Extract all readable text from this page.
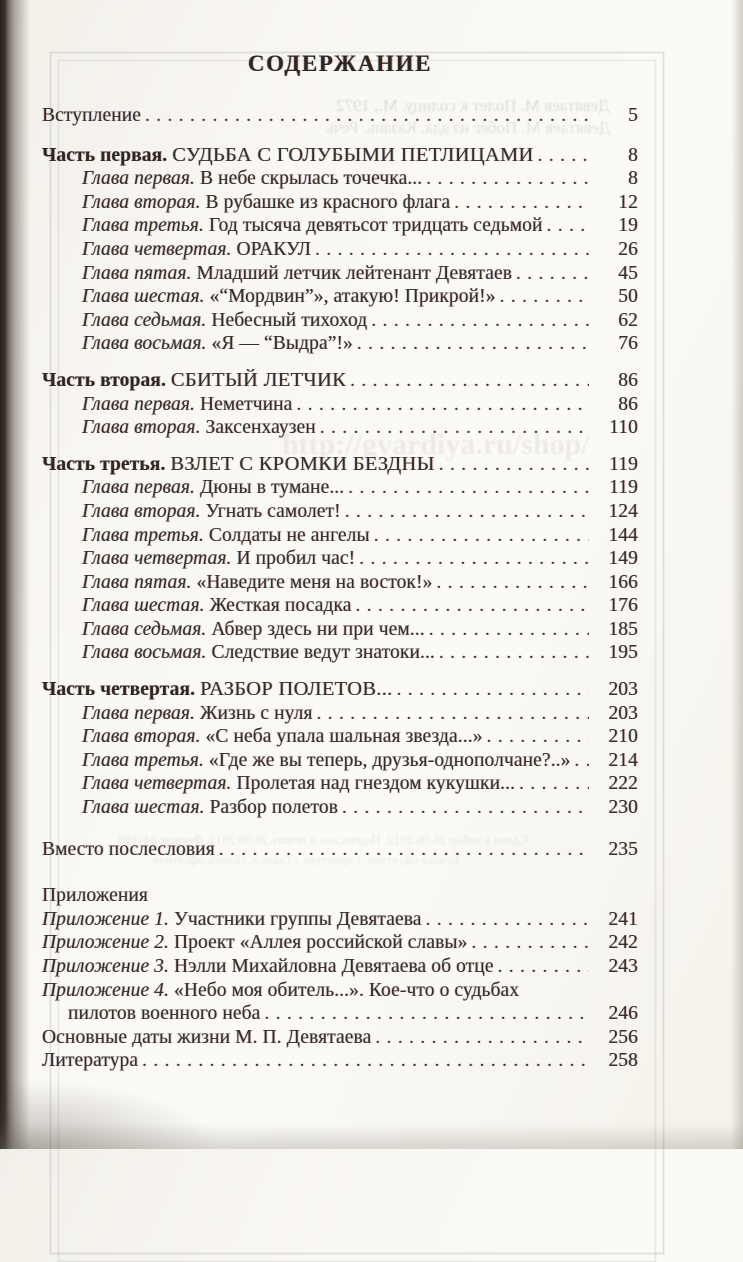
Девятаев М. Полет к солнцу. М., 1972
Девятаев М. Побег из ада. Казань. Речь
http://gvardiya.ru/shop/
Сдано в набор 26.06.2012. Подписано в печать 26.09.2012. Формат 84х108
Бумага офсетная. Гарнитура «Таймс». Печать офсетная.
СОДЕРЖАНИЕ
Вступление .....	5
Часть первая. СУДЬБА С ГОЛУБЫМИ ПЕТЛИЦАМИ .....	8
Глава первая. В небе скрылась точечка... .....	8
Глава вторая. В рубашке из красного флага .....	12
Глава третья. Год тысяча девятьсот тридцать седьмой .....	19
Глава четвертая. ОРАКУЛ .....	26
Глава пятая. Младший летчик лейтенант Девятаев .....	45
Глава шестая. «“Мордвин”», атакую! Прикрой!» .....	50
Глава седьмая. Небесный тихоход .....	62
Глава восьмая. «Я — “Выдра”!» .....	76
Часть вторая. СБИТЫЙ ЛЕТЧИК .....	86
Глава первая. Неметчина .....	86
Глава вторая. Заксенхаузен .....	110
Часть третья. ВЗЛЕТ С КРОМКИ БЕЗДНЫ .....	119
Глава первая. Дюны в тумане... .....	119
Глава вторая. Угнать самолет! .....	124
Глава третья. Солдаты не ангелы .....	144
Глава четвертая. И пробил час! .....	149
Глава пятая. «Наведите меня на восток!» .....	166
Глава шестая. Жесткая посадка .....	176
Глава седьмая. Абвер здесь ни при чем... .....	185
Глава восьмая. Следствие ведут знатоки... .....	195
Часть четвертая. РАЗБОР ПОЛЕТОВ... .....	203
Глава первая. Жизнь с нуля .....	203
Глава вторая. «С неба упала шальная звезда...» .....	210
Глава третья. «Где же вы теперь, друзья-однополчане?..» .....	214
Глава четвертая. Пролетая над гнездом кукушки... .....	222
Глава шестая. Разбор полетов .....	230
Вместо послесловия .....	235
Приложения
Приложение 1. Участники группы Девятаева .....	241
Приложение 2. Проект «Аллея российской славы» .....	242
Приложение 3. Нэлли Михайловна Девятаева об отце .....	243
Приложение 4. «Небо моя обитель...». Кое-что о судьбах
пилотов военного неба .....	246
Основные даты жизни М. П. Девятаева .....	256
Литература .....	258
